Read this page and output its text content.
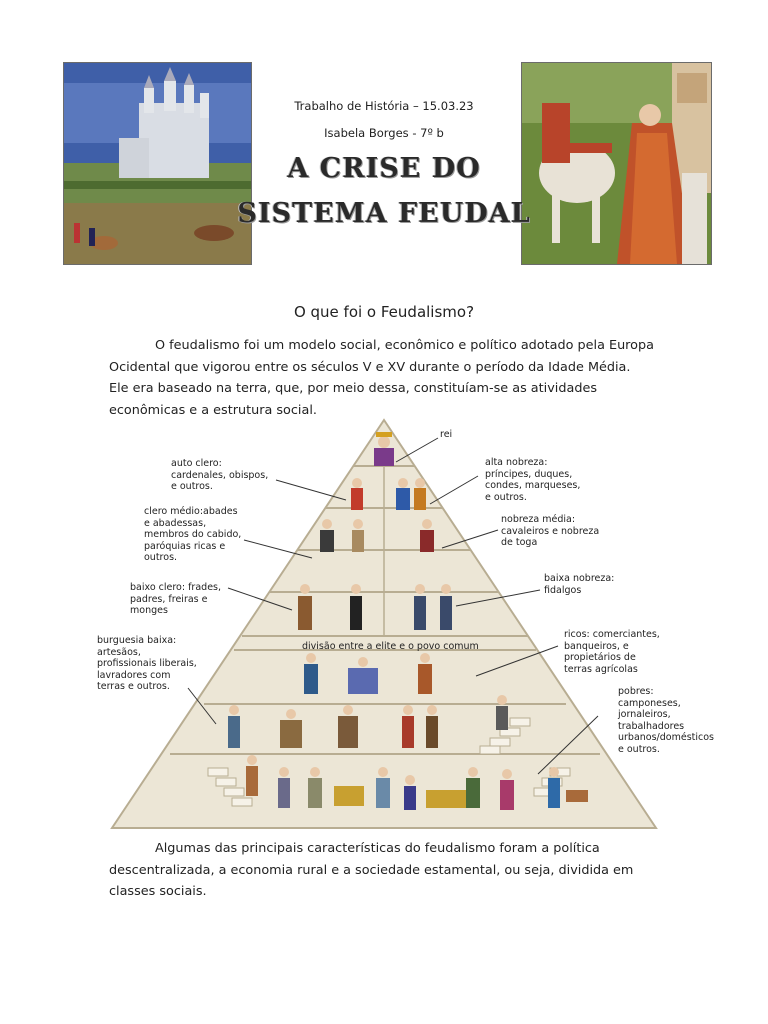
Trabalho de História – 15.03.23
Isabela Borges - 7º b
A CRISE DO
SISTEMA FEUDAL
O que foi o Feudalismo?
O feudalismo foi um modelo social, econômico e político adotado pela Europa Ocidental que vigorou entre os séculos V e XV durante o período da Idade Média. Ele era baseado na terra, que, por meio dessa, constituíam-se as atividades econômicas e a estrutura social.
rei
auto clero:
cardenales, obispos,
e outros.
alta nobreza:
príncipes, duques,
condes, marqueses,
e outros.
clero médio:abades
e abadessas,
membros do cabido,
paróquias ricas e
outros.
nobreza média:
cavaleiros e nobreza
de toga
baixo clero: frades,
padres, freiras e
monges
baixa nobreza:
fidalgos
divisão entre a elite e o povo comum
burguesia baixa:
artesãos,
profissionais liberais,
lavradores com
terras e outros.
ricos: comerciantes,
banqueiros, e
propietários de
terras agrícolas
pobres:
camponeses,
jornaleiros,
trabalhadores
urbanos/domésticos
e outros.
Algumas das principais características do feudalismo foram a política descentralizada, a economia rural e a sociedade estamental, ou seja, dividida em classes sociais.
